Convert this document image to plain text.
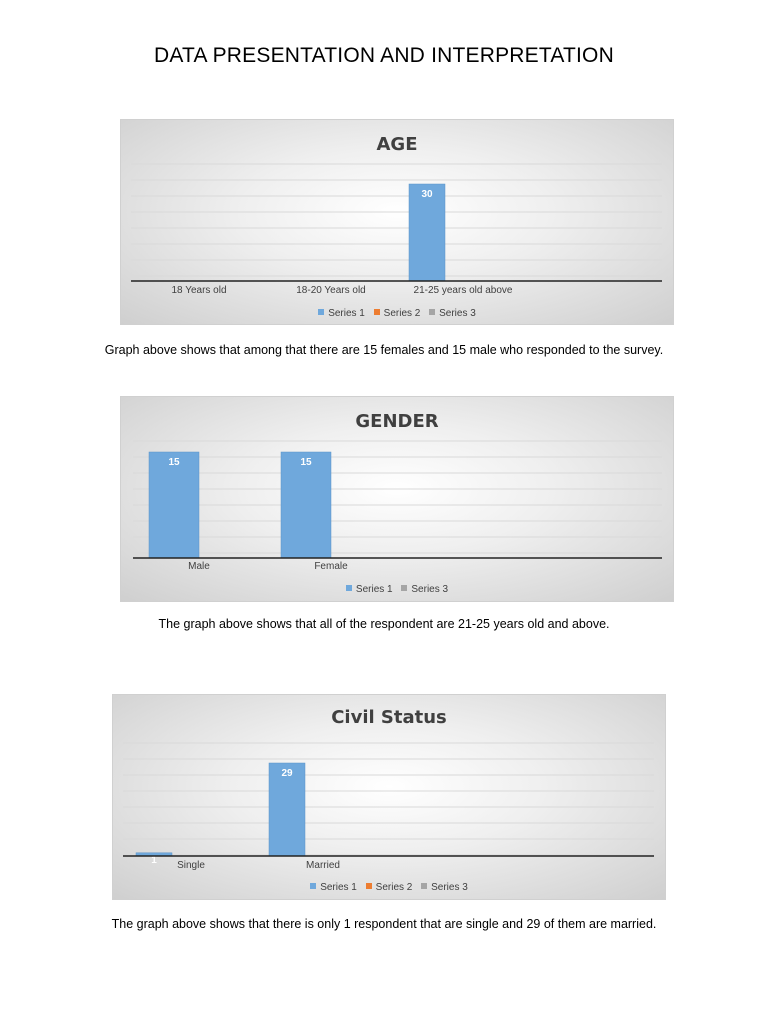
DATA PRESENTATION AND INTERPRETATION
AGE
30
18 Years old	18-20 Years old	21-25 years old above
Series 1 Series 2 Series 3
Graph above shows that among that there are 15 females and 15 male who responded to the survey.
GENDER
15	15
Male	Female
Series 1 Series 3
The graph above shows that all of the respondent are 21-25 years old and above.
Civil Status
1
29
Single	Married
Series 1 Series 2 Series 3
The graph above shows that there is only 1 respondent that are single and 29 of them are married.
